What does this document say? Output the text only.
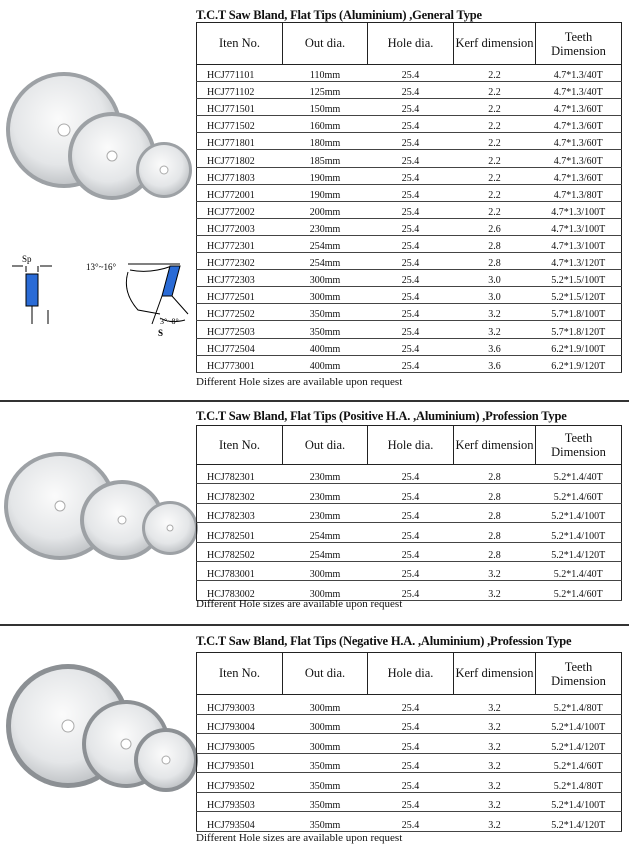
T.C.T Saw Bland, Flat Tips (Aluminium) ,General Type
Sp
13°~16°
S
3°~8°
Iten No.	Out dia.	Hole dia.	Kerf dimension	Teeth Dimension
HCJ771101	110mm	25.4	2.2	4.7*1.3/40T
HCJ771102	125mm	25.4	2.2	4.7*1.3/40T
HCJ771501	150mm	25.4	2.2	4.7*1.3/60T
HCJ771502	160mm	25.4	2.2	4.7*1.3/60T
HCJ771801	180mm	25.4	2.2	4.7*1.3/60T
HCJ771802	185mm	25.4	2.2	4.7*1.3/60T
HCJ771803	190mm	25.4	2.2	4.7*1.3/60T
HCJ772001	190mm	25.4	2.2	4.7*1.3/80T
HCJ772002	200mm	25.4	2.2	4.7*1.3/100T
HCJ772003	230mm	25.4	2.6	4.7*1.3/100T
HCJ772301	254mm	25.4	2.8	4.7*1.3/100T
HCJ772302	254mm	25.4	2.8	4.7*1.3/120T
HCJ772303	300mm	25.4	3.0	5.2*1.5/100T
HCJ772501	300mm	25.4	3.0	5.2*1.5/120T
HCJ772502	350mm	25.4	3.2	5.7*1.8/100T
HCJ772503	350mm	25.4	3.2	5.7*1.8/120T
HCJ772504	400mm	25.4	3.6	6.2*1.9/100T
HCJ773001	400mm	25.4	3.6	6.2*1.9/120T
Different Hole sizes are available upon request
T.C.T Saw Bland, Flat Tips (Positive H.A. ,Aluminium) ,Profession Type
Iten No.	Out dia.	Hole dia.	Kerf dimension	Teeth Dimension
HCJ782301	230mm	25.4	2.8	5.2*1.4/40T
HCJ782302	230mm	25.4	2.8	5.2*1.4/60T
HCJ782303	230mm	25.4	2.8	5.2*1.4/100T
HCJ782501	254mm	25.4	2.8	5.2*1.4/100T
HCJ782502	254mm	25.4	2.8	5.2*1.4/120T
HCJ783001	300mm	25.4	3.2	5.2*1.4/40T
HCJ783002	300mm	25.4	3.2	5.2*1.4/60T
Different Hole sizes are available upon request
T.C.T Saw Bland, Flat Tips (Negative H.A. ,Aluminium) ,Profession Type
Iten No.	Out dia.	Hole dia.	Kerf dimension	Teeth Dimension
HCJ793003	300mm	25.4	3.2	5.2*1.4/80T
HCJ793004	300mm	25.4	3.2	5.2*1.4/100T
HCJ793005	300mm	25.4	3.2	5.2*1.4/120T
HCJ793501	350mm	25.4	3.2	5.2*1.4/60T
HCJ793502	350mm	25.4	3.2	5.2*1.4/80T
HCJ793503	350mm	25.4	3.2	5.2*1.4/100T
HCJ793504	350mm	25.4	3.2	5.2*1.4/120T
Different Hole sizes are available upon request
